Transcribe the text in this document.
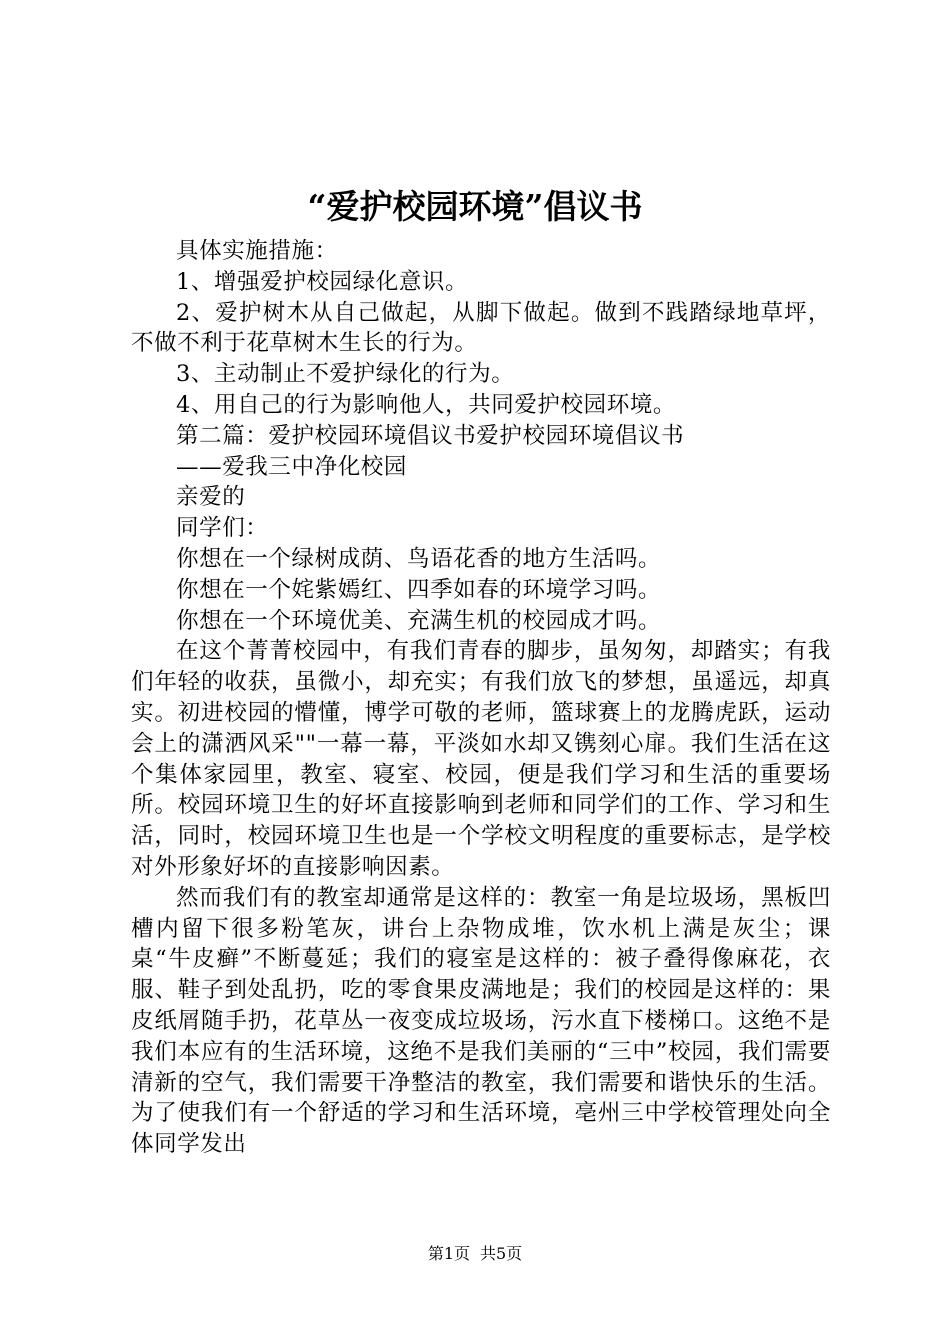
“爱护校园环境”倡议书

具体实施措施：

1、增强爱护校园绿化意识。

2、爱护树木从自己做起，从脚下做起。做到不践踏绿地草坪，不做不利于花草树木生长的行为。

3、主动制止不爱护绿化的行为。

4、用自己的行为影响他人，共同爱护校园环境。

第二篇：爱护校园环境倡议书爱护校园环境倡议书

——爱我三中净化校园

亲爱的

同学们：

你想在一个绿树成荫、鸟语花香的地方生活吗。

你想在一个姹紫嫣红、四季如春的环境学习吗。

你想在一个环境优美、充满生机的校园成才吗。

在这个菁菁校园中，有我们青春的脚步，虽匆匆，却踏实；有我们年轻的收获，虽微小，却充实；有我们放飞的梦想，虽遥远，却真实。初进校园的懵懂，博学可敬的老师，篮球赛上的龙腾虎跃，运动会上的潇洒风采""一幕一幕，平淡如水却又镌刻心扉。我们生活在这个集体家园里，教室、寝室、校园，便是我们学习和生活的重要场所。校园环境卫生的好坏直接影响到老师和同学们的工作、学习和生活，同时，校园环境卫生也是一个学校文明程度的重要标志，是学校对外形象好坏的直接影响因素。

然而我们有的教室却通常是这样的：教室一角是垃圾场，黑板凹槽内留下很多粉笔灰，讲台上杂物成堆，饮水机上满是灰尘；课桌“牛皮癣”不断蔓延；我们的寝室是这样的：被子叠得像麻花，衣服、鞋子到处乱扔，吃的零食果皮满地是；我们的校园是这样的：果皮纸屑随手扔，花草丛一夜变成垃圾场，污水直下楼梯口。这绝不是我们本应有的生活环境，这绝不是我们美丽的“三中”校园，我们需要清新的空气，我们需要干净整洁的教室，我们需要和谐快乐的生活。为了使我们有一个舒适的学习和生活环境，亳州三中学校管理处向全体同学发出

第1页 共5页
